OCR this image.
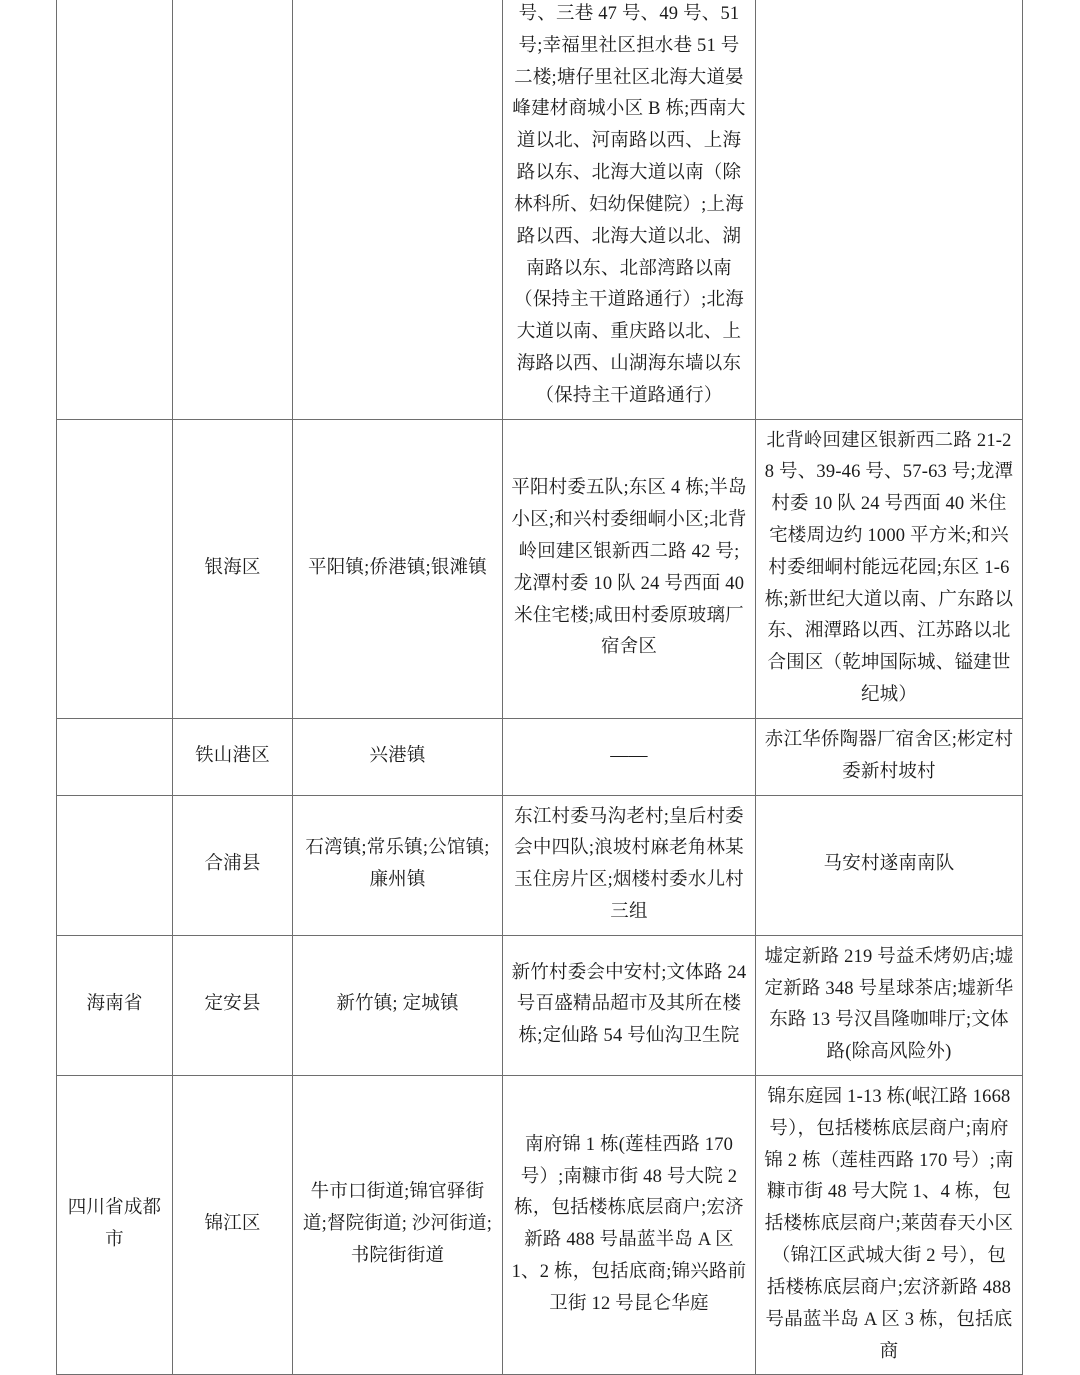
			号、三巷 47 号、49 号、51 号;幸福里社区担水巷 51 号二楼;塘仔里社区北海大道晏峰建材商城小区 B 栋;西南大道以北、河南路以西、上海路以东、北海大道以南（除林科所、妇幼保健院）;上海路以西、北海大道以北、湖南路以东、北部湾路以南（保持主干道路通行）;北海大道以南、重庆路以北、上海路以西、山湖海东墙以东（保持主干道路通行）	
	银海区	平阳镇;侨港镇;银滩镇	平阳村委五队;东区 4 栋;半岛小区;和兴村委细峒小区;北背岭回建区银新西二路 42 号;龙潭村委 10 队 24 号西面 40 米住宅楼;咸田村委原玻璃厂宿舍区	北背岭回建区银新西二路 21-28 号、39-46 号、57-63 号;龙潭村委 10 队 24 号西面 40 米住宅楼周边约 1000 平方米;和兴村委细峒村能远花园;东区 1-6 栋;新世纪大道以南、广东路以东、湘潭路以西、江苏路以北合围区（乾坤国际城、镒建世纪城）
	铁山港区	兴港镇	——	赤江华侨陶器厂宿舍区;彬定村委新村坡村
	合浦县	石湾镇;常乐镇;公馆镇;廉州镇	东江村委马沟老村;皇后村委会中四队;浪坡村麻老角林某玉住房片区;烟楼村委水儿村三组	马安村遂南南队
海南省	定安县	新竹镇; 定城镇	新竹村委会中安村;文体路 24 号百盛精品超市及其所在楼栋;定仙路 54 号仙沟卫生院	墟定新路 219 号益禾烤奶店;墟定新路 348 号星球茶店;墟新华东路 13 号汉昌隆咖啡厅;文体路(除高风险外)
四川省成都市	锦江区	牛市口街道;锦官驿街道;督院街道; 沙河街道;书院街街道	南府锦 1 栋(莲桂西路 170 号）;南糠市街 48 号大院 2 栋，包括楼栋底层商户;宏济新路 488 号晶蓝半岛 A 区 1、2 栋，包括底商;锦兴路前卫街 12 号昆仑华庭	锦东庭园 1-13 栋(岷江路 1668 号），包括楼栋底层商户;南府锦 2 栋（莲桂西路 170 号）;南糠市街 48 号大院 1、4 栋，包括楼栋底层商户;莱茵春天小区（锦江区武城大街 2 号），包括楼栋底层商户;宏济新路 488 号晶蓝半岛 A 区 3 栋，包括底商
